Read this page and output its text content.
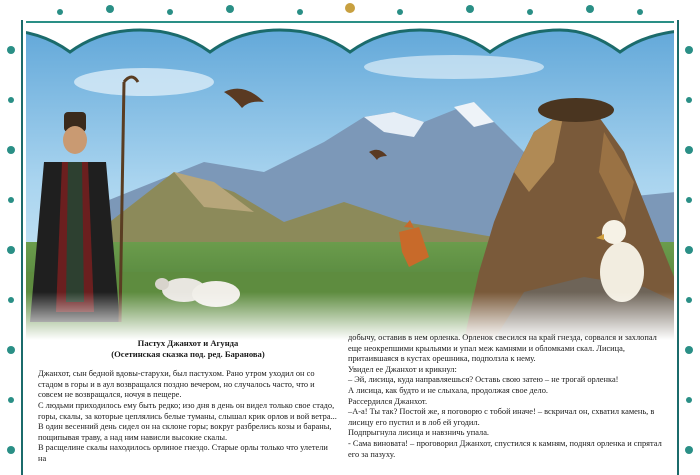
Пастух Джанхот и Агунда
(Осетинская сказка под. ред. Баранова)

Джанхот, сын бедной вдовы-старухи, был пастухом. Рано утром уходил он со стадом в горы и в аул возвращался поздно вечером, но случалось часто, что и совсем не возвращался, ночуя в пещере.

С людьми приходилось ему быть редко; изо дня в день он видел только свое стадо, горы, скалы, за которые цеплялись белые туманы, слышал крик орлов и вой ветра...

В один весенний день сидел он на склоне горы; вокруг разбрелись козы и бараны, пощипывая траву, а над ним нависли высокие скалы.

В расщелине скалы находилось орлиное гнездо. Старые орлы только что улетели на

добычу, оставив в нем орленка. Орленок свесился на край гнезда, сорвался и захлопал еще неокрепшими крыльями и упал меж камнями и обломками скал. Лисица, притаившаяся в кустах орешника, подползла к нему.

Увидел ее Джанхот и крикнул:

– Эй, лисица, куда направляешься? Оставь свою затею – не трогай орленка!

А лисица, как будто и не слыхала, продолжая свое дело.

Рассердился Джанхот.

–А-а! Ты так? Постой же, я поговорю с тобой иначе! – вскричал он, схватил камень, в лисицу его пустил и в лоб ей угодил.

Подпрыгнула лисица и навзничь упала.

- Сама виновата! – проговорил Джанхот, спустился к камням, поднял орленка и спрятал его за пазуху.
